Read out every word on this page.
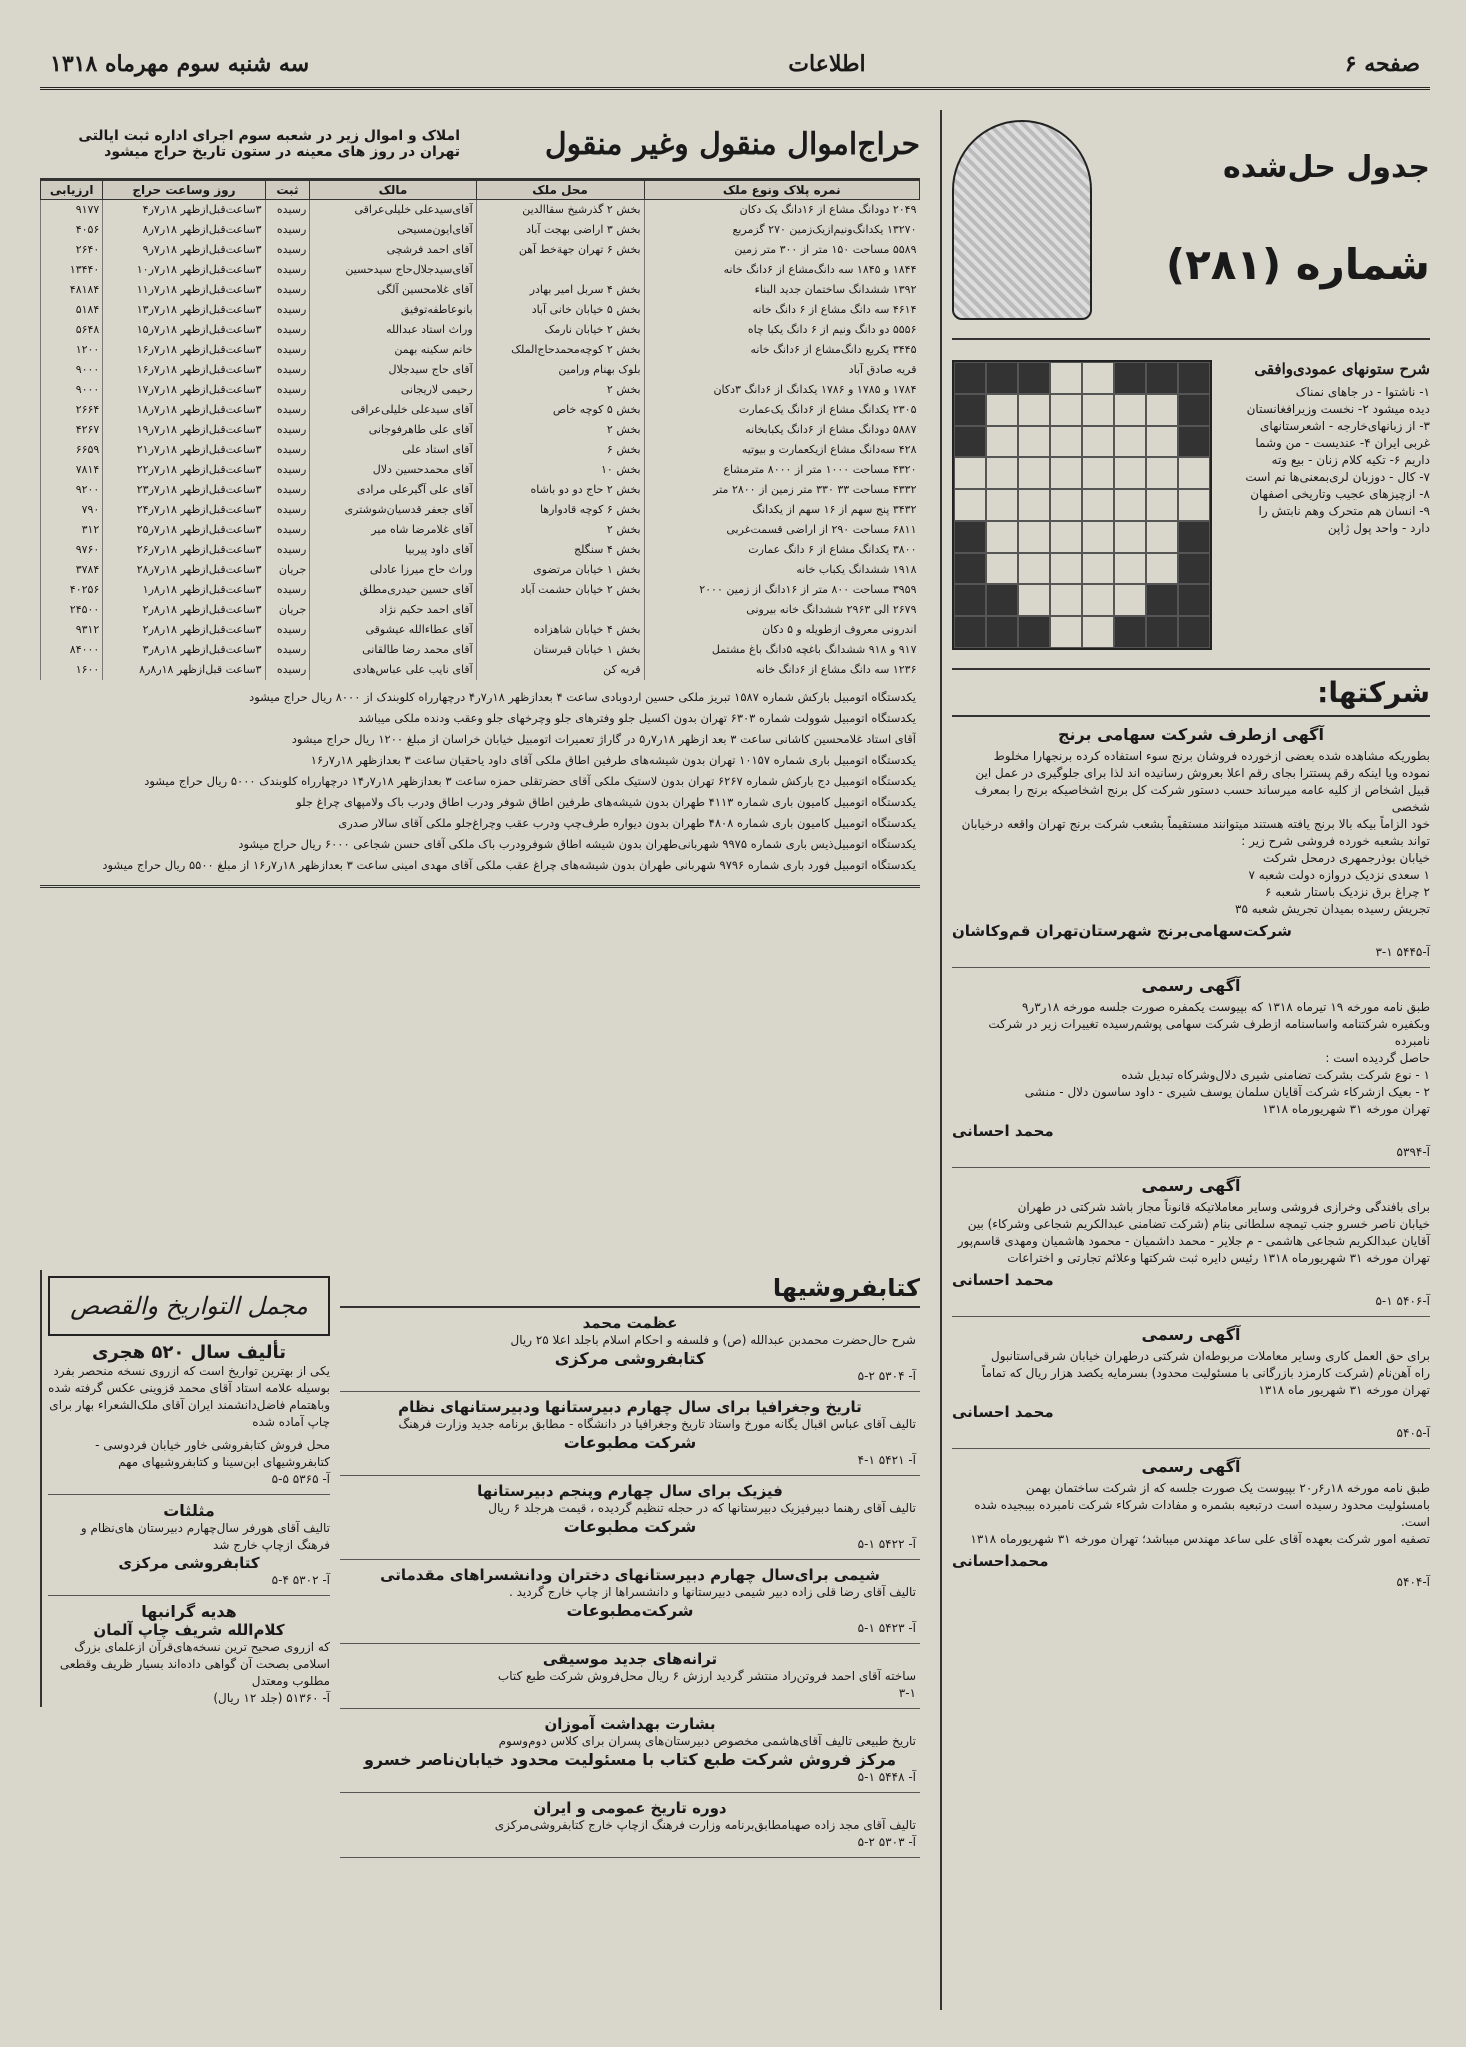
صفحه ۶
اطلاعات
سه شنبه سوم مهرماه ۱۳۱۸
جدول حل‌شده
شماره (۲۸۱)
شرح ستونهای عمودی‌وافقی
۱- ناشتوا - در جاهای نمناک
دیده میشود ۲- نخست وزیرافغانستان
۳- از زبانهای‌خارجه - اشعرستانهای
غربی ایران ۴- عندیست - من وشما
داریم ۶- تکیه کلام زنان - بیع وته
۷- کال - دوزبان لری‌بمعنی‌ها نم است
۸- ازچیزهای عجیب وتاریخی اصفهان
۹- انسان هم متحرک وهم نابتش را
دارد - واحد پول ژاپن
شرکتها:
آگهی ازطرف شرکت سهامی برنج
بطوریکه مشاهده شده بعضی ازخورده فروشان برنج سوء استفاده کرده برنجهارا مخلوط
نموده ویا اینکه رقم پستترا بجای رقم اعلا بعروش رسانیده اند لذا برای جلوگیری در عمل این
قبیل اشخاص از کلیه عامه میرساند حسب دستور شرکت کل برنج اشخاصیکه برنج را بمعرف شخصی
خود الزاماً بیکه بالا برنج یافته هستند میتوانند مستقیماً بشعب شرکت برنج تهران واقعه درخیابان
تواند بشعبه خورده فروشی شرح زیر :
خیابان بوذرجمهری درمحل شرکت
۱ سعدی نزدیک دروازه دولت شعبه ۷
۲ چراغ برق نزدیک باستار شعبه ۶
تجریش رسیده بمیدان تجریش شعبه ۳۵
شرکت‌سهامی‌برنج شهرستان‌تهران قم‌وکاشان
آ-۵۴۴۵ ۱-۳
آگهی رسمی
طبق نامه مورخه ۱۹ تیرماه ۱۳۱۸ که بپیوست یکمفره صورت جلسه مورخه ۱۸ر۳ر۹
وبکفیره شرکتنامه واساسنامه ازطرف شرکت سهامی پوشم‌رسیده تغییرات زیر در شرکت نامبرده
حاصل گردیده است :
۱ - نوع شرکت بشرکت تضامنی شیری دلال‌وشرکاه تبدیل شده
۲ - بعیک ازشرکاء شرکت آقایان سلمان یوسف شیری - داود ساسون دلال - منشی
تهران مورخه ۳۱ شهریورماه ۱۳۱۸
محمد احسانی
آ-۵۳۹۴
آگهی رسمی
برای بافندگی وخرازی فروشی وسایر معاملاتیکه قانوناً مجاز باشد شرکتی در طهران
خیابان ناصر خسرو جنب تیمچه سلطانی بنام (شرکت تضامنی عبدالکریم شجاعی وشرکاء) بین
آقایان عبدالکریم شجاعی هاشمی - م جلایر - محمد داشمیان - محمود هاشمیان ومهدی قاسم‌پور
تهران مورخه ۳۱ شهریورماه ۱۳۱۸ رئیس دایره ثبت شرکتها وعلائم تجارتی و اختراعات
محمد احسانی
آ-۵۴۰۶ ۱-۵
آگهی رسمی
برای حق العمل کاری وسایر معاملات مربوطه‌ان شرکتی درطهران خیابان شرقی‌استانبول
راه آهن‌نام (شرکت کارمزد بازرگانی با مسئولیت محدود) بسرمایه یکصد هزار ریال که تماماً
تهران مورخه ۳۱ شهریور ماه ۱۳۱۸
محمد احسانی
آ-۵۴۰۵
آگهی رسمی
طبق نامه مورخه ۱۸ر۶ر۲۰ بپیوست یک صورت جلسه که از شرکت ساختمان بهمن
بامسئولیت محدود رسیده است درتبعیه بشمره و مفادات شرکاء شرکت نامبرده بیبجیده شده است.
تصفیه امور شرکت بعهده آقای علی ساعد مهندس میباشد؛ تهران مورخه ۳۱ شهریورماه ۱۳۱۸
محمداحسانی
آ-۵۴۰۴
حراج‌اموال منقول وغیر منقول
املاک و اموال زیر در شعبه سوم اجرای اداره ثبت ایالتی
تهران در روز های معینه در ستون تاریخ حراج میشود
نمره پلاک ونوع ملک	محل ملک	مالک	ثبت	روز وساعت حراج	ارزیابی
۲۰۴۹ دودانگ مشاع از ۱۶دانگ یک دکان	بخش ۲ گذرشیخ سقاالدین	آقای‌سیدعلی خلیلی‌عراقی	رسیده	۳ساعت‌قبل‌ازظهر ۱۸ر۷ر۴	۹۱۷۷
۱۳۲۷۰ یکدانگ‌ونیم‌ازیک‌زمین ۲۷۰ گزمربع	بخش ۳ اراضی بهجت آباد	آقای‌ایون‌مسیحی	رسیده	۳ساعت‌قبل‌ازظهر ۱۸ر۷ر۸	۴۰۵۶
۵۵۸۹ مساحت ۱۵۰ متر از ۳۰۰ متر زمین	بخش ۶ تهران جهة‌خط آهن	آقای احمد فرشچی	رسیده	۳ساعت‌قبل‌ازظهر ۱۸ر۷ر۹	۲۶۴۰
۱۸۴۴ و ۱۸۴۵ سه دانگ‌مشاع از ۶دانگ خانه		آقای‌سیدجلال‌حاج سیدحسین	رسیده	۳ساعت‌قبل‌ازظهر ۱۸ر۷ر۱۰	۱۳۴۴۰
۱۳۹۲ ششدانگ ساختمان جدید البناء	بخش ۴ سربل امیر بهادر	آقای غلامحسین آلگی	رسیده	۳ساعت‌قبل‌ازظهر ۱۸ر۷ر۱۱	۴۸۱۸۴
۴۶۱۴ سه دانگ مشاع از ۶ دانگ خانه	بخش ۵ خیابان خانی آباد	بانوعاطفه‌توفیق	رسیده	۳ساعت‌قبل‌ازظهر ۱۸ر۷ر۱۳	۵۱۸۴
۵۵۵۶ دو دانگ ونیم از ۶ دانگ یکبا چاه	بخش ۲ خیابان نارمک	وراث استاد عبدالله	رسیده	۳ساعت‌قبل‌ازظهر ۱۸ر۷ر۱۵	۵۶۴۸
۳۴۴۵ یکربع دانگ‌مشاع از ۶دانگ خانه	بخش ۲ کوچه‌محمدحاج‌الملک	خانم سکینه بهمن	رسیده	۳ساعت‌قبل‌ازظهر ۱۸ر۷ر۱۶	۱۲۰۰
قریه صادق آباد	بلوک بهنام ورامین	آقای حاج سیدجلال	رسیده	۳ساعت‌قبل‌ازظهر ۱۸ر۷ر۱۶	۹۰۰۰
۱۷۸۴ و ۱۷۸۵ و ۱۷۸۶ یکدانگ از ۶دانگ ۳دکان	بخش ۲	رحیمی لاریجانی	رسیده	۳ساعت‌قبل‌ازظهر ۱۸ر۷ر۱۷	۹۰۰۰
۲۳۰۵ یکدانگ مشاع از ۶دانگ یک‌عمارت	بخش ۵ کوچه خاص	آقای سیدعلی خلیلی‌عراقی	رسیده	۳ساعت‌قبل‌ازظهر ۱۸ر۷ر۱۸	۲۶۶۴
۵۸۸۷ دودانگ مشاع از ۶دانگ یکبابخانه	بخش ۲	آقای علی طاهر‌فوجانی	رسیده	۳ساعت‌قبل‌ازظهر ۱۸ر۷ر۱۹	۴۲۶۷
۴۲۸ سه‌دانگ مشاع ازیکعمارت و بیوتیه	بخش ۶	آقای استاد علی	رسیده	۳ساعت‌قبل‌ازظهر ۱۸ر۷ر۲۱	۶۶۵۹
۴۳۲۰ مساحت ۱۰۰۰ متر از ۸۰۰۰ مترمشاع	بخش ۱۰	آقای محمدحسین دلال	رسیده	۳ساعت‌قبل‌ازظهر ۱۸ر۷ر۲۲	۷۸۱۴
۴۳۳۲ مساحت ۳۳ ۳۳۰ متر زمین از ۲۸۰۰ متر	بخش ۲ حاج دو دو باشاه	آقای علی آگیرعلی مرادی	رسیده	۳ساعت‌قبل‌ازظهر ۱۸ر۷ر۲۳	۹۲۰۰
۳۴۳۲ پنج سهم از ۱۶ سهم از یکدانگ	بخش ۶ کوچه قادوارها	آقای جعفر قدسیان‌شوشتری	رسیده	۳ساعت‌قبل‌ازظهر ۱۸ر۷ر۲۴	۷۹۰
۶۸۱۱ مساحت ۲۹۰ از اراضی قسمت‌غربی	بخش ۲	آقای غلامرضا شاه میر	رسیده	۳ساعت‌قبل‌ازظهر ۱۸ر۷ر۲۵	۳۱۲
۳۸۰۰ یکدانگ مشاع از ۶ دانگ عمارت	بخش ۴ سنگلج	آقای داود پیربیا	رسیده	۳ساعت‌قبل‌ازظهر ۱۸ر۷ر۲۶	۹۷۶۰
۱۹۱۸ ششدانگ یکباب خانه	بخش ۱ خیابان مرتضوی	وراث حاج میرزا عادلی	جریان	۳ساعت‌قبل‌ازظهر ۱۸ر۷ر۲۸	۳۷۸۴
۳۹۵۹ مساحت ۸۰۰ متر از ۱۶دانگ از زمین ۲۰۰۰	بخش ۲ خیابان حشمت آباد	آقای حسین حیدری‌مطلق	رسیده	۳ساعت‌قبل‌ازظهر ۱۸ر۸ر۱	۴۰۲۵۶
۲۶۷۹ الی ۲۹۶۳ ششدانگ خانه بیرونی		آقای احمد حکیم نژاد	جریان	۳ساعت‌قبل‌ازظهر ۱۸ر۸ر۲	۲۴۵۰۰
اندرونی معروف ازطویله و ۵ دکان	بخش ۴ خیابان شاهزاده	آقای عطاءالله عیشوقی	رسیده	۳ساعت‌قبل‌ازظهر ۱۸ر۸ر۲	۹۳۱۲
۹۱۷ و ۹۱۸ ششدانگ باغچه ۵دانگ باغ مشتمل	بخش ۱ خیابان قبرستان	آقای محمد رضا طالقانی	رسیده	۳ساعت‌قبل‌ازظهر ۱۸ر۸ر۳	۸۴۰۰۰
۱۲۳۶ سه دانگ مشاع از ۶دانگ خانه	قریه کن	آقای نایب علی عباس‌هادی	رسیده	۳ساعت قبل‌ازظهر ۱۸ر۸ر۸	۱۶۰۰

یکدستگاه اتومبیل بارکش شماره ۱۵۸۷ تبریز ملکی حسین اردوبادی ساعت ۴ بعدازظهر ۱۸ر۷ر۴ درچهارراه کلوبندک از ۸۰۰۰ ریال حراج میشود

یکدستگاه اتومبیل شوولت شماره ۶۳۰۳ تهران بدون اکسیل جلو وفترهای جلو وچرخهای جلو وعقب ودنده ملکی میباشد

آقای استاد غلامحسین کاشانی ساعت ۳ بعد ازظهر ۱۸ر۷ر۵ در گاراژ تعمیرات اتومبیل خیابان خراسان از مبلغ ۱۲۰۰ ریال حراج میشود

یکدستگاه اتومبیل باری شماره ۱۰۱۵۷ تهران بدون شیشه‌های طرفین اطاق ملکی آقای داود یاحقیان ساعت ۳ بعدازظهر ۱۸ر۷ر۱۶

یکدستگاه اتومبیل دج بارکش شماره ۶۲۶۷ تهران بدون لاستیک ملکی آقای حضرتقلی حمزه ساعت ۳ بعدازظهر ۱۸ر۷ر۱۴ درچهارراه کلوبندک ۵۰۰۰ ریال حراج میشود

یکدستگاه اتومبیل کامیون باری شماره ۴۱۱۳ طهران بدون شیشه‌های طرفین اطاق شوفر ودرب اطاق ودرب باک ولامپهای چراغ جلو

یکدستگاه اتومبیل کامیون باری شماره ۴۸۰۸ طهران بدون دیواره طرف‌چپ ودرب عقب وچراغ‌جلو ملکی آقای سالار صدری

یکدستگاه اتومبیل‌ذیس باری شماره ۹۹۷۵ شهربانی‌طهران بدون شیشه اطاق شوفرودرب باک ملکی آقای حسن شجاعی ۶۰۰۰ ریال حراج میشود

یکدستگاه اتومبیل فورد باری شماره ۹۷۹۶ شهربانی طهران بدون شیشه‌های چراغ عقب ملکی آقای مهدی امینی ساعت ۳ بعدازظهر ۱۸ر۷ر۱۶ از مبلغ ۵۵۰۰ ریال حراج میشود

کتابفروشیها
عظمت محمد
شرح حال‌حضرت محمدبن عبدالله (ص) و فلسفه و احکام اسلام باجلد اعلا ۲۵ ریال
کتابفروشی مرکزی
آ- ۵۳۰۴ ۲-۵
تاریخ وجغرافیا برای سال چهارم دبیرستانها ودبیرستانهای نظام
تالیف آقای عباس اقبال یگانه مورخ واستاد تاریخ وجغرافیا در دانشگاه - مطابق برنامه جدید وزارت فرهنگ
شرکت مطبوعات
آ- ۵۴۲۱ ۱-۴
فیزیک برای سال چهارم وپنجم دبیرستانها
تالیف آقای رهنما دبیرفیزیک دبیرستانها که در حجله تنظیم گردیده ، قیمت هرجلد ۶ ریال
شرکت مطبوعات
آ- ۵۴۲۲ ۱-۵
شیمی برای‌سال چهارم دبیرستانهای دختران ودانشسراهای مقدماتی
تالیف آقای رضا قلی زاده دبیر شیمی دبیرستانها و دانشسراها از چاپ خارج گردید .
شرکت‌مطبوعات
آ- ۵۴۲۳ ۱-۵
ترانه‌های جدید موسیقی
ساخته آقای احمد فروتن‌راد منتشر گردید ارزش ۶ ریال محل‌فروش شرکت طبع کتاب
۳-۱
بشارت بهداشت آموزان
تاریخ طبیعی تالیف آقای‌هاشمی مخصوص دبیرستان‌های پسران برای کلاس دوم‌وسوم
مرکز فروش شرکت طبع کتاب با مسئولیت محدود خیابان‌ناصر خسرو
آ- ۵۴۴۸ ۱-۵
دوره تاریخ عمومی و ایران
تالیف آقای مجد زاده صهبامطابق‌برنامه وزارت فرهنگ ازچاپ خارج کتابفروشی‌مرکزی
آ- ۵۳۰۳ ۲-۵
مجمل التواریخ والقصص
تألیف سال ۵۲۰ هجری
یکی از بهترین تواریخ است که از‌روی نسخه منحصر بفرد بوسیله علامه استاد آقای محمد قزوینی عکس گرفته شده وباهتمام فاضل‌دانشمند ایران آقای ملک‌الشعراء بهار برای چاپ آماده شده
محل فروش کتابفروشی خاور خیابان فردوسی - کتابفروشیهای ابن‌سینا و کتابفروشیهای مهم
آ- ۵۳۶۵ ۵-۵
مثلثات
تالیف آقای هورفر سال‌چهارم دبیرستان های‌نظام و فرهنگ ازچاپ خارج شد
کتابفروشی مرکزی
آ- ۵۳۰۲ ۴-۵
هدیه گرانبها
کلام‌الله شریف چاپ آلمان
که ازروی صحیح ترین نسخه‌های‌قرآن ازعلمای بزرگ اسلامی بصحت آن گواهی داده‌اند بسیار ظریف وقطعی مطلوب ومعتدل
آ- ۵۱۳۶۰ (جلد ۱۲ ریال)
